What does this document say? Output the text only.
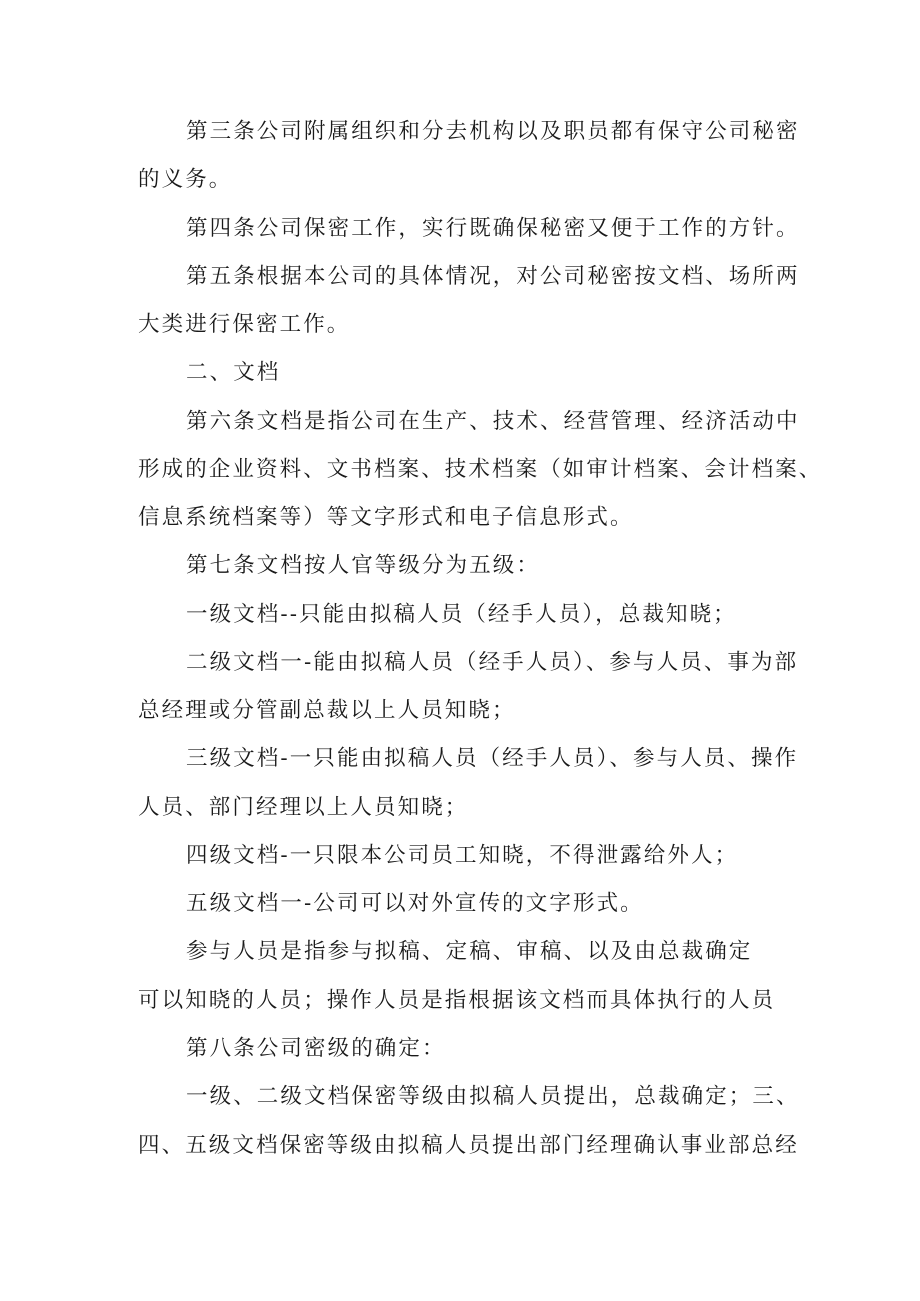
第三条公司附属组织和分去机构以及职员都有保守公司秘密
的义务。
第四条公司保密工作，实行既确保秘密又便于工作的方针。
第五条根据本公司的具体情况，对公司秘密按文档、场所两
大类进行保密工作。
二、文档
第六条文档是指公司在生产、技术、经营管理、经济活动中
形成的企业资料、文书档案、技术档案（如审计档案、会计档案、
信息系统档案等）等文字形式和电子信息形式。
第七条文档按人官等级分为五级：
一级文档--只能由拟稿人员（经手人员），总裁知晓；
二级文档一-能由拟稿人员（经手人员）、参与人员、事为部
总经理或分管副总裁以上人员知晓；
三级文档-一只能由拟稿人员（经手人员）、参与人员、操作
人员、部门经理以上人员知晓；
四级文档-一只限本公司员工知晓，不得泄露给外人；
五级文档一-公司可以对外宣传的文字形式。
参与人员是指参与拟稿、定稿、审稿、以及由总裁确定
可以知晓的人员；操作人员是指根据该文档而具体执行的人员
第八条公司密级的确定：
一级、二级文档保密等级由拟稿人员提出，总裁确定；三、
四、五级文档保密等级由拟稿人员提出部门经理确认事业部总经
